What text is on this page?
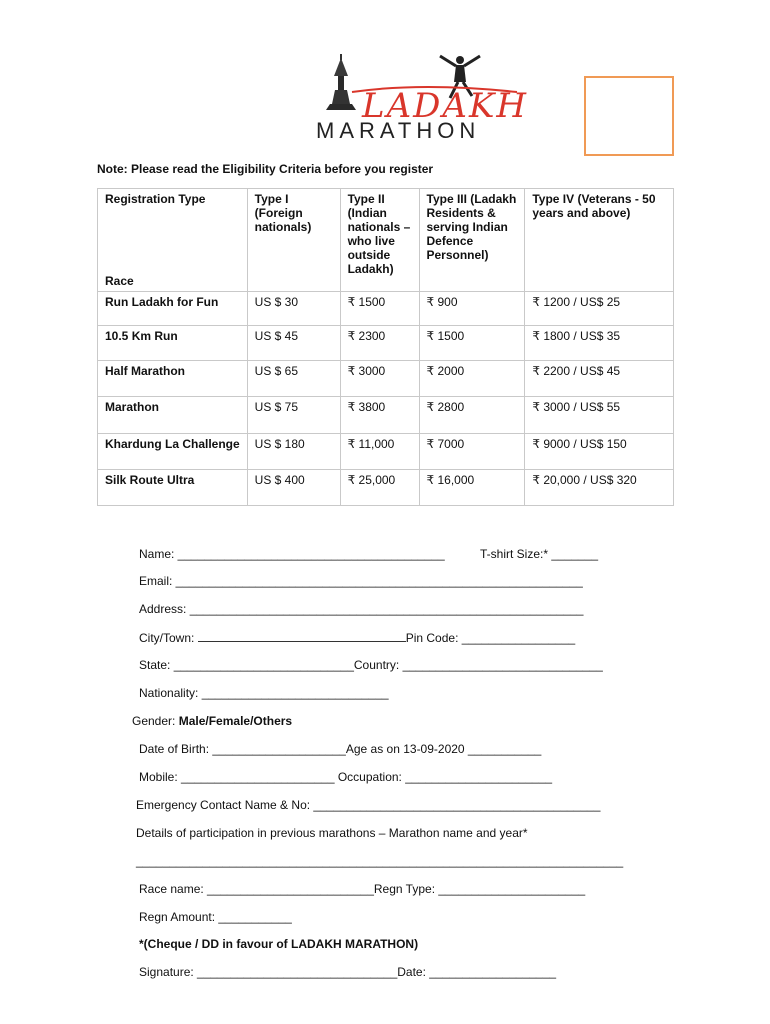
LADAKH
MARATHON
Note: Please read the Eligibility Criteria before you register
Registration Type
Race	Type I (Foreign nationals)	Type II (Indian nationals – who live outside Ladakh)	Type III (Ladakh Residents & serving Indian Defence Personnel)	Type IV (Veterans - 50 years and above)
Run Ladakh for Fun	US $ 30	₹ 1500	₹ 900	₹ 1200 / US$ 25
10.5 Km Run	US $ 45	₹ 2300	₹ 1500	₹ 1800 / US$ 35
Half Marathon	US $ 65	₹ 3000	₹ 2000	₹ 2200 / US$ 45
Marathon	US $ 75	₹ 3800	₹ 2800	₹ 3000 / US$ 55
Khardung La Challenge	US $ 180	₹ 11,000	₹ 7000	₹ 9000 / US$ 150
Silk Route Ultra	US $ 400	₹ 25,000	₹ 16,000	₹ 20,000 / US$ 320
Name: ________________________________________	T-shirt Size:* _______
Email: _____________________________________________________________
Address: ___________________________________________________________
City/Town:	Pin Code: _________________
State: ___________________________Country: ______________________________
Nationality: ____________________________
Gender: Male/Female/Others
Date of Birth: ____________________Age as on 13-09-2020 ___________
Mobile: _______________________ Occupation: ______________________
Emergency Contact Name & No: ___________________________________________
Details of participation in previous marathons – Marathon name and year*
_________________________________________________________________________
Race name: _________________________Regn Type: ______________________
Regn Amount: ___________
*(Cheque / DD in favour of LADAKH MARATHON)
Signature: ______________________________Date: ___________________
